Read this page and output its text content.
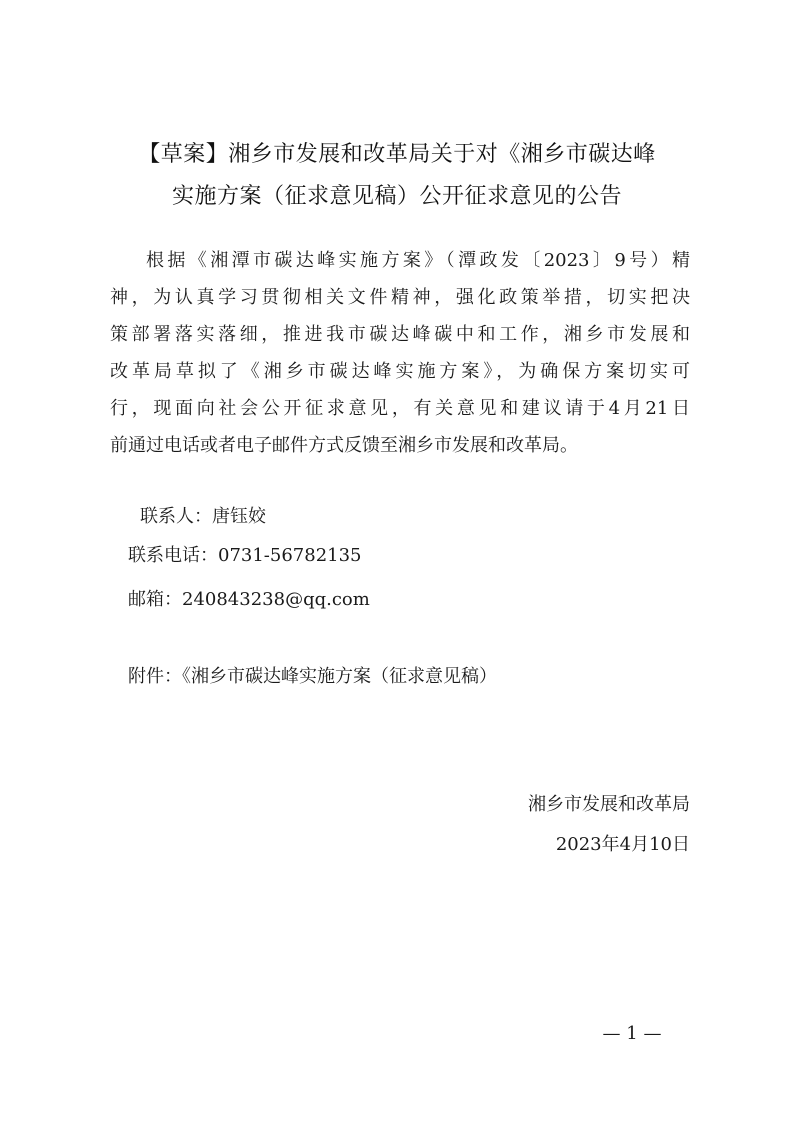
【草案】湘乡市发展和改革局关于对《湘乡市碳达峰
实施方案（征求意见稿）公开征求意见的公告
根据《湘潭市碳达峰实施方案》（潭政发〔2023〕9号）精
神，为认真学习贯彻相关文件精神，强化政策举措，切实把决
策部署落实落细，推进我市碳达峰碳中和工作，湘乡市发展和
改革局草拟了《湘乡市碳达峰实施方案》，为确保方案切实可
行，现面向社会公开征求意见，有关意见和建议请于4月21日
前通过电话或者电子邮件方式反馈至湘乡市发展和改革局。
联系人：唐钰姣
联系电话：0731-56782135
邮箱：240843238@qq.com
附件：《湘乡市碳达峰实施方案（征求意见稿）
湘乡市发展和改革局
2023年4月10日
— 1 —
